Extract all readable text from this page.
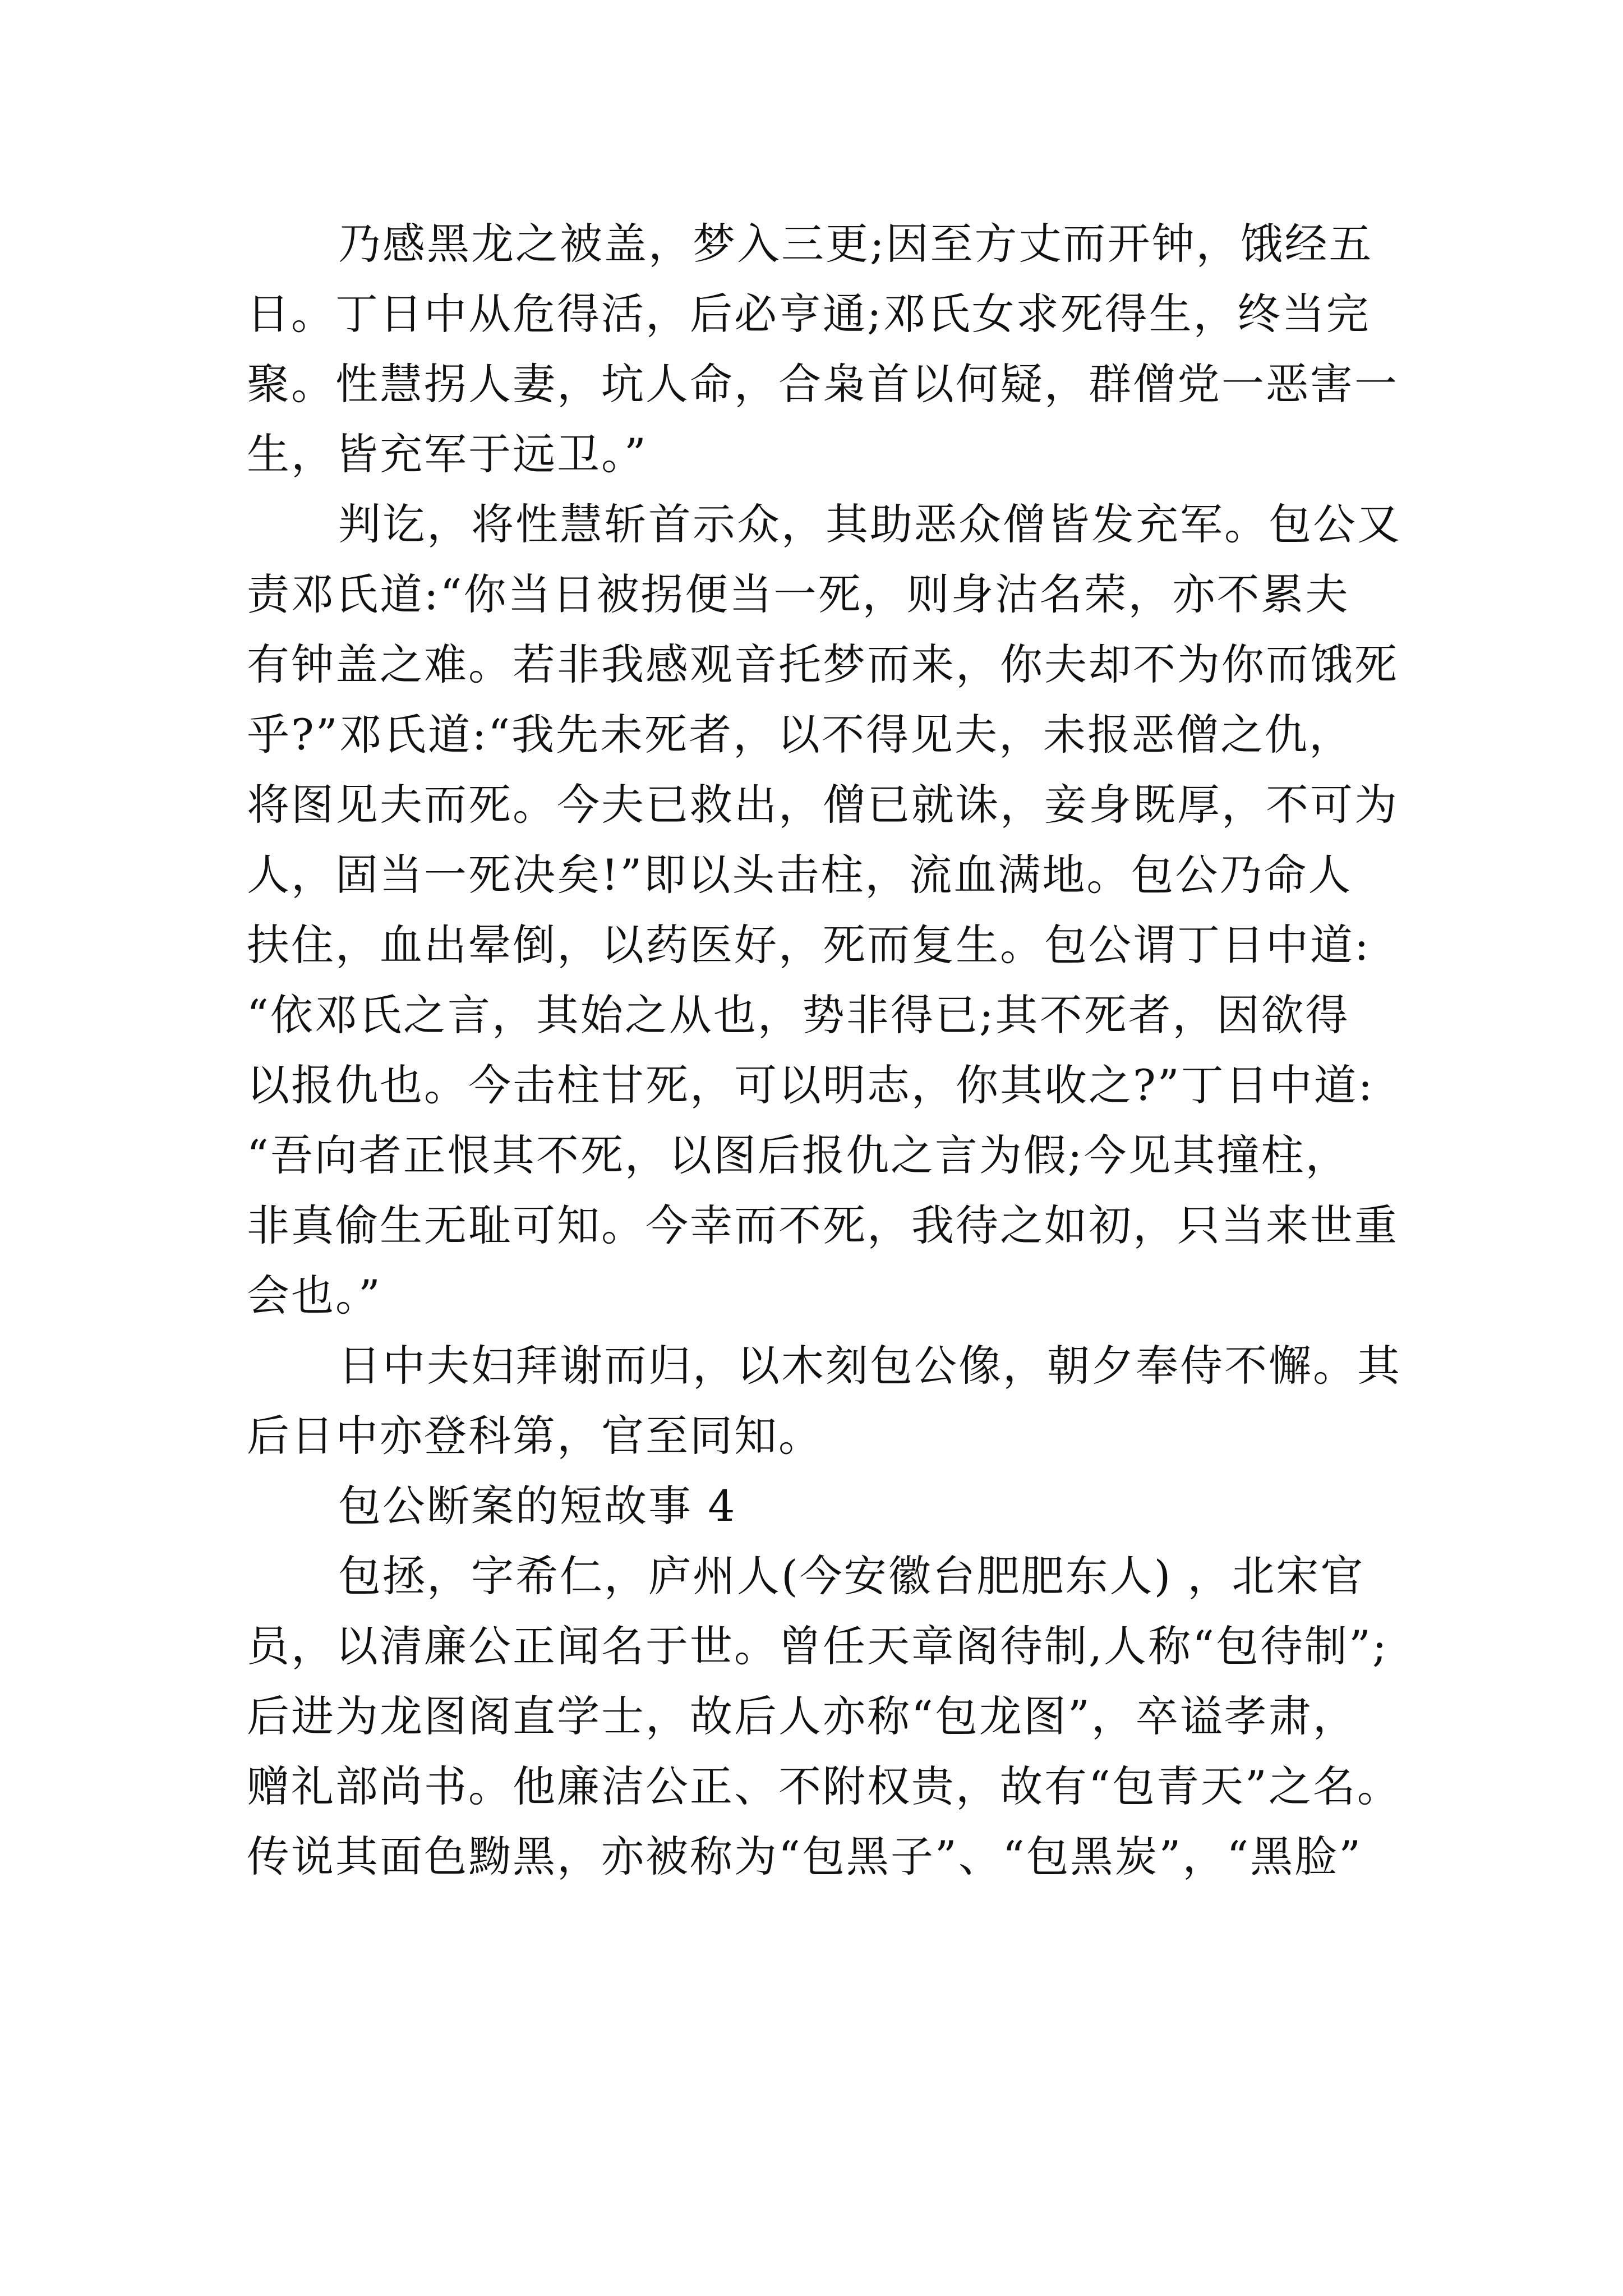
乃感黑龙之被盖，梦入三更;因至方丈而开钟，饿经五
日。丁日中从危得活，后必亨通;邓氏女求死得生，终当完
聚。性慧拐人妻，坑人命，合枭首以何疑，群僧党一恶害一
生，皆充军于远卫。”
判讫，将性慧斩首示众，其助恶众僧皆发充军。包公又
责邓氏道:“你当日被拐便当一死，则身沽名荣，亦不累夫
有钟盖之难。若非我感观音托梦而来，你夫却不为你而饿死
乎?”邓氏道:“我先未死者，以不得见夫，未报恶僧之仇，
将图见夫而死。今夫已救出，僧已就诛，妾身既厚，不可为
人，固当一死决矣!”即以头击柱，流血满地。包公乃命人
扶住，血出晕倒，以药医好，死而复生。包公谓丁日中道:
“依邓氏之言，其始之从也，势非得已;其不死者，因欲得
以报仇也。今击柱甘死，可以明志，你其收之?”丁日中道:
“吾向者正恨其不死，以图后报仇之言为假;今见其撞柱，
非真偷生无耻可知。今幸而不死，我待之如初，只当来世重
会也。”
日中夫妇拜谢而归，以木刻包公像，朝夕奉侍不懈。其
后日中亦登科第，官至同知。
包公断案的短故事 4
包拯，字希仁，庐州人(今安徽台肥肥东人) ，北宋官
员，以清廉公正闻名于世。曾任天章阁待制,人称“包待制”;
后进为龙图阁直学士，故后人亦称“包龙图”，卒谥孝肃，
赠礼部尚书。他廉洁公正、不附权贵，故有“包青天”之名。
传说其面色黝黑，亦被称为“包黑子”、“包黑炭”，“黑脸”
